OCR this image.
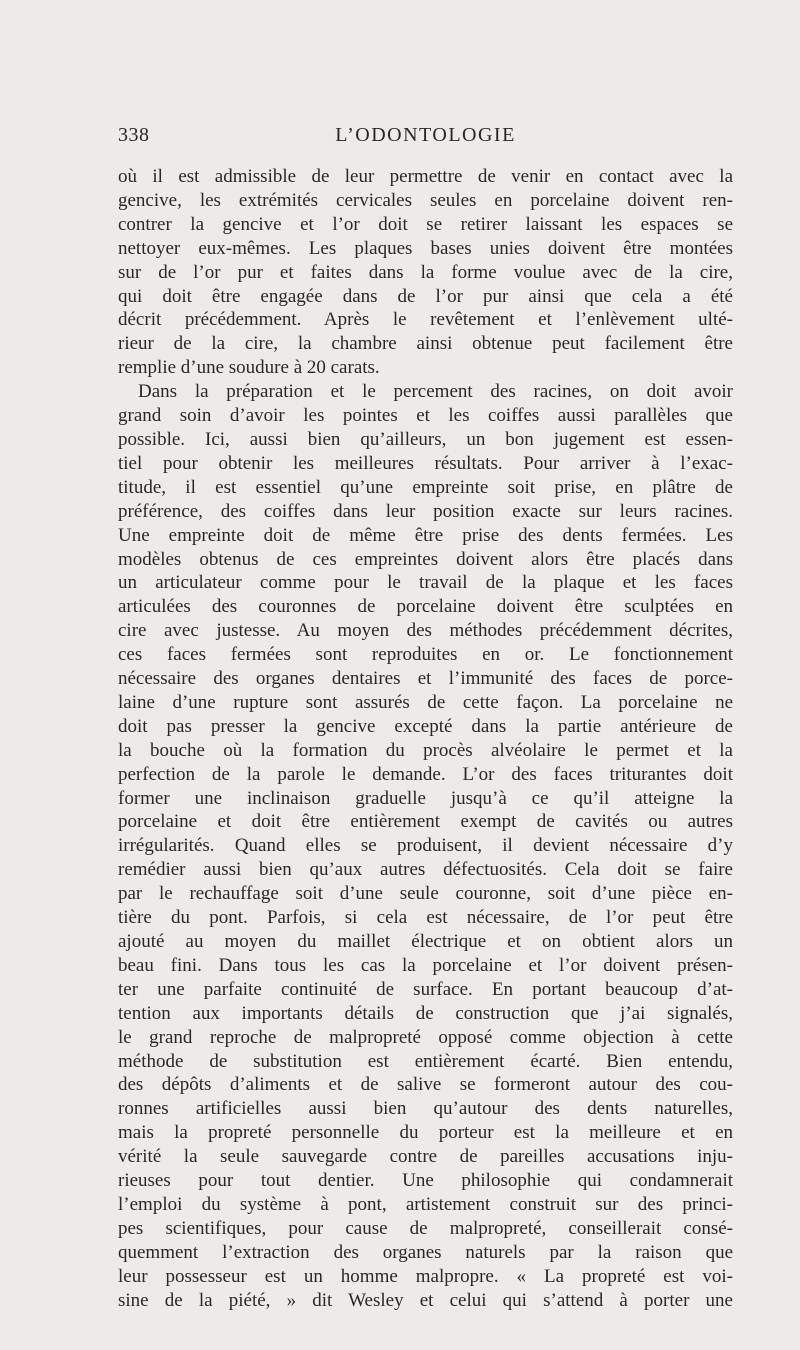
338	L’ODONTOLOGIE
où il est admissible de leur permettre de venir en contact avec la
gencive, les extrémités cervicales seules en porcelaine doivent ren-
contrer la gencive et l’or doit se retirer laissant les espaces se
nettoyer eux-mêmes. Les plaques bases unies doivent être montées
sur de l’or pur et faites dans la forme voulue avec de la cire,
qui doit être engagée dans de l’or pur ainsi que cela a été
décrit précédemment. Après le revêtement et l’enlèvement ulté-
rieur de la cire, la chambre ainsi obtenue peut facilement être
remplie d’une soudure à 20 carats.
Dans la préparation et le percement des racines, on doit avoir
grand soin d’avoir les pointes et les coiffes aussi parallèles que
possible. Ici, aussi bien qu’ailleurs, un bon jugement est essen-
tiel pour obtenir les meilleures résultats. Pour arriver à l’exac-
titude, il est essentiel qu’une empreinte soit prise, en plâtre de
préférence, des coiffes dans leur position exacte sur leurs racines.
Une empreinte doit de même être prise des dents fermées. Les
modèles obtenus de ces empreintes doivent alors être placés dans
un articulateur comme pour le travail de la plaque et les faces
articulées des couronnes de porcelaine doivent être sculptées en
cire avec justesse. Au moyen des méthodes précédemment décrites,
ces faces fermées sont reproduites en or. Le fonctionnement
nécessaire des organes dentaires et l’immunité des faces de porce-
laine d’une rupture sont assurés de cette façon. La porcelaine ne
doit pas presser la gencive excepté dans la partie antérieure de
la bouche où la formation du procès alvéolaire le permet et la
perfection de la parole le demande. L’or des faces triturantes doit
former une inclinaison graduelle jusqu’à ce qu’il atteigne la
porcelaine et doit être entièrement exempt de cavités ou autres
irrégularités. Quand elles se produisent, il devient nécessaire d’y
remédier aussi bien qu’aux autres défectuosités. Cela doit se faire
par le rechauffage soit d’une seule couronne, soit d’une pièce en-
tière du pont. Parfois, si cela est nécessaire, de l’or peut être
ajouté au moyen du maillet électrique et on obtient alors un
beau fini. Dans tous les cas la porcelaine et l’or doivent présen-
ter une parfaite continuité de surface. En portant beaucoup d’at-
tention aux importants détails de construction que j’ai signalés,
le grand reproche de malpropreté opposé comme objection à cette
méthode de substitution est entièrement écarté. Bien entendu,
des dépôts d’aliments et de salive se formeront autour des cou-
ronnes artificielles aussi bien qu’autour des dents naturelles,
mais la propreté personnelle du porteur est la meilleure et en
vérité la seule sauvegarde contre de pareilles accusations inju-
rieuses pour tout dentier. Une philosophie qui condamnerait
l’emploi du système à pont, artistement construit sur des princi-
pes scientifiques, pour cause de malpropreté, conseillerait consé-
quemment l’extraction des organes naturels par la raison que
leur possesseur est un homme malpropre. « La propreté est voi-
sine de la piété, » dit Wesley et celui qui s’attend à porter une
